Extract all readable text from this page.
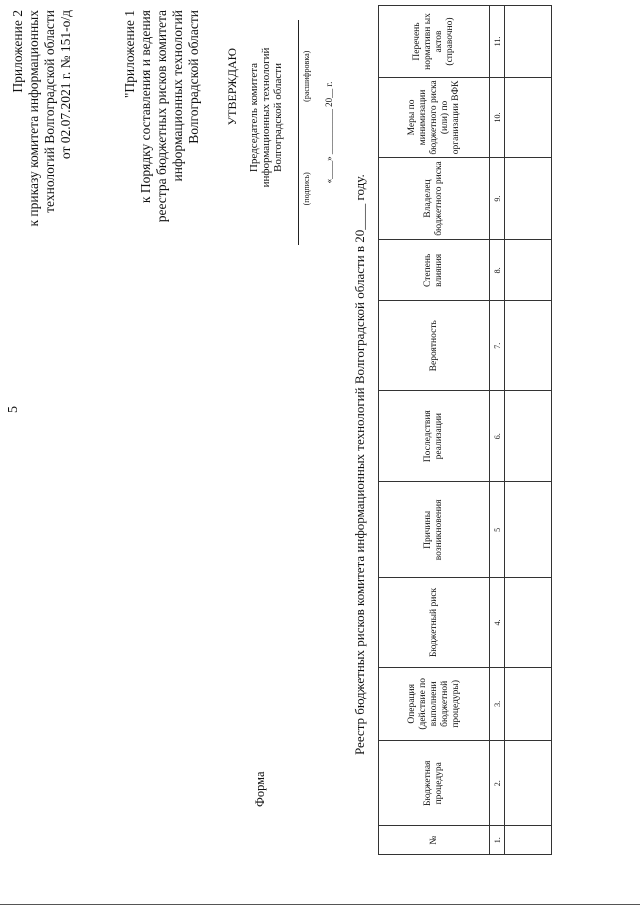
5
Приложение 2 к приказу комитета информационных технологий Волгоградской области от 02.07.2021 г. № 151-о/д	"Приложение 1 к Порядку составления и ведения реестра бюджетных рисков комитета информационных технологий Волгоградской области УТВЕРЖДАЮ Председатель комитета информационных технологий Волгоградской области
(подпись)
(расшифровка)
«____» __________ 20__ г.
Форма
Реестр бюджетных рисков комитета информационных технологий Волгоградской области в 20____ году.
№	Бюджетная процедура	Операция (действие по выполнени бюджетной процедуры)	Бюджетный риск	Причины возникновения	Последствия реализации	Вероятность	Степень влияния	Владелец бюджетного риска	Меры по минимизации бюджетного риска (или) по организации ВФК	Перечень нормативн ых актов (справочно)
1.	2.	3.	4.	5	6.	7.	8.	9.	10.	11.
